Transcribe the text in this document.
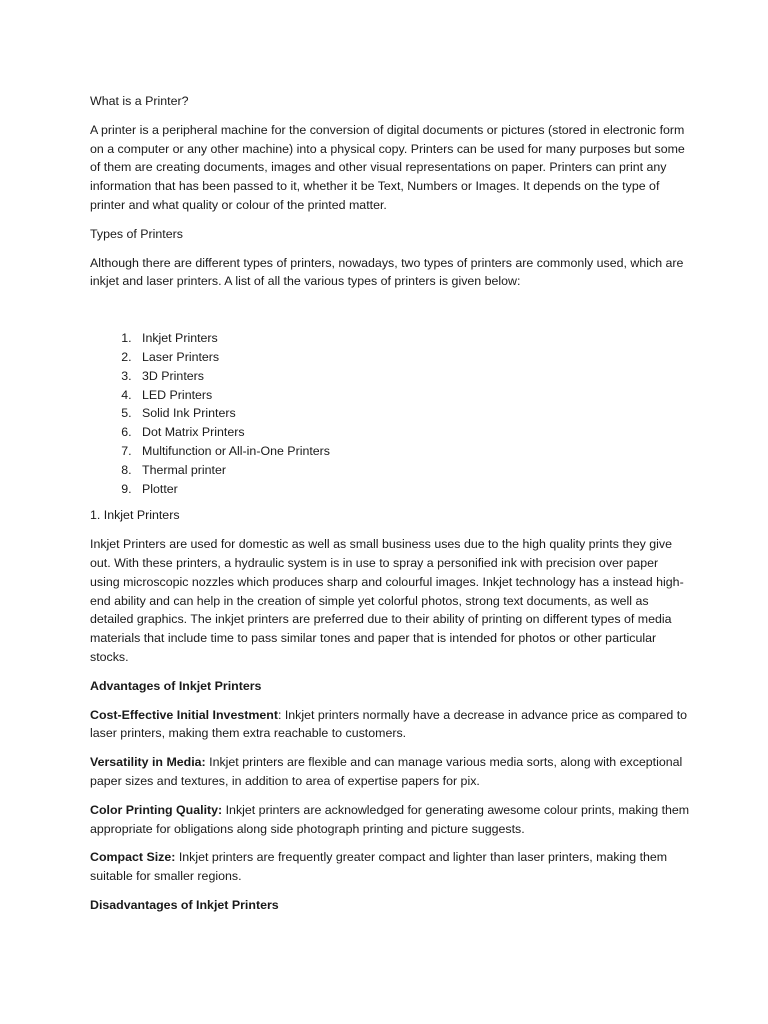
What is a Printer?

A printer is a peripheral machine for the conversion of digital documents or pictures (stored in electronic form on a computer or any other machine) into a physical copy. Printers can be used for many purposes but some of them are creating documents, images and other visual representations on paper. Printers can print any information that has been passed to it, whether it be Text, Numbers or Images. It depends on the type of printer and what quality or colour of the printed matter.

Types of Printers

Although there are different types of printers, nowadays, two types of printers are commonly used, which are inkjet and laser printers. A list of all the various types of printers is given below:

1. Inkjet Printers
2. Laser Printers
3. 3D Printers
4. LED Printers
5. Solid Ink Printers
6. Dot Matrix Printers
7. Multifunction or All-in-One Printers
8. Thermal printer
9. Plotter

1. Inkjet Printers

Inkjet Printers are used for domestic as well as small business uses due to the high quality prints they give out. With these printers, a hydraulic system is in use to spray a personified ink with precision over paper using microscopic nozzles which produces sharp and colourful images. Inkjet technology has a instead high-end ability and can help in the creation of simple yet colorful photos, strong text documents, as well as detailed graphics. The inkjet printers are preferred due to their ability of printing on different types of media materials that include time to pass similar tones and paper that is intended for photos or other particular stocks.

Advantages of Inkjet Printers

Cost-Effective Initial Investment: Inkjet printers normally have a decrease in advance price as compared to laser printers, making them extra reachable to customers.

Versatility in Media: Inkjet printers are flexible and can manage various media sorts, along with exceptional paper sizes and textures, in addition to area of expertise papers for pix.

Color Printing Quality: Inkjet printers are acknowledged for generating awesome colour prints, making them appropriate for obligations along side photograph printing and picture suggests.

Compact Size: Inkjet printers are frequently greater compact and lighter than laser printers, making them suitable for smaller regions.

Disadvantages of Inkjet Printers
